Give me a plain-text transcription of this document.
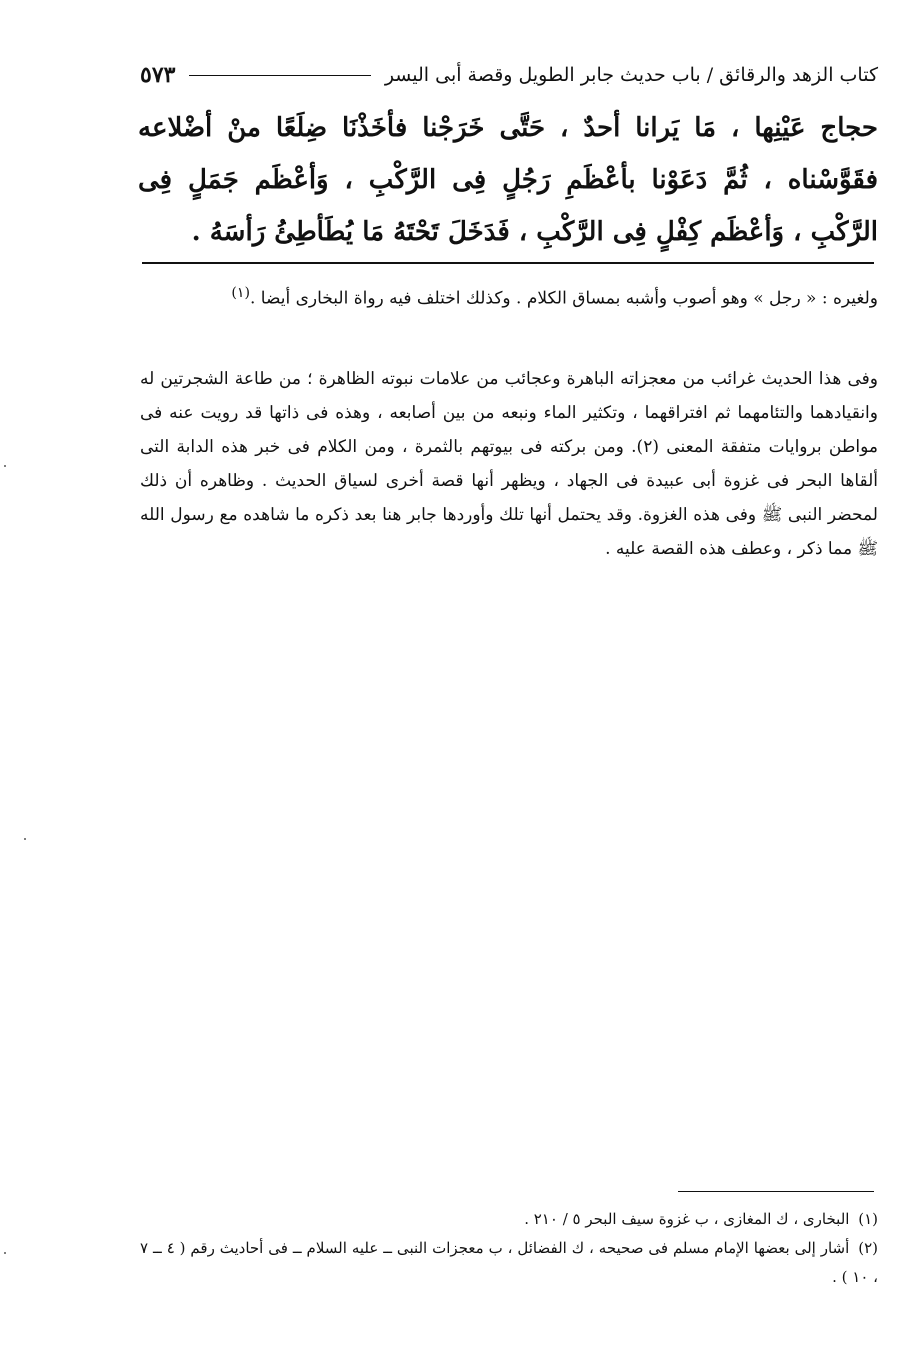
كتاب الزهد والرقائق / باب حديث جابر الطويل وقصة أبى اليسر
٥٧٣
حجاج عَيْنِها ، مَا يَرانا أحدٌ ، حَتَّى خَرَجْنا فأخَذْنَا ضِلَعًا منْ أضْلاعه فقَوَّسْناه ، ثُمَّ دَعَوْنا بأعْظَمِ رَجُلٍ فِى الرَّكْبِ ، وَأعْظَم جَمَلٍ فِى الرَّكْبِ ، وَأعْظَم كِفْلٍ فِى الرَّكْبِ ، فَدَخَلَ تَحْتَهُ مَا يُطَأطِئُ رَأسَهُ .
ولغيره : « رجل » وهو أصوب وأشبه بمساق الكلام . وكذلك اختلف فيه رواة البخارى أيضا .$^{(١)}$
وفى هذا الحديث غرائب من معجزاته الباهرة وعجائب من علامات نبوته الظاهرة ؛ من طاعة الشجرتين له وانقيادهما والتئامهما ثم افتراقهما ، وتكثير الماء ونبعه من بين أصابعه ، وهذه فى ذاتها قد رويت عنه فى مواطن بروايات متفقة المعنى (٢). ومن بركته فى بيوتهم بالثمرة ، ومن الكلام فى خبر هذه الدابة التى ألقاها البحر فى غزوة أبى عبيدة فى الجهاد ، ويظهر أنها قصة أخرى لسياق الحديث . وظاهره أن ذلك لمحضر النبى ﷺ وفى هذه الغزوة. وقد يحتمل أنها تلك وأوردها جابر هنا بعد ذكره ما شاهده مع رسول الله ﷺ مما ذكر ، وعطف هذه القصة عليه .
(١) البخارى ، ك المغازى ، ب غزوة سيف البحر ٥ / ٢١٠ .
(٢) أشار إلى بعضها الإمام مسلم فى صحيحه ، ك الفضائل ، ب معجزات النبى ــ عليه السلام ــ فى أحاديث رقم ( ٤ ــ ٧ ، ١٠ ) .
